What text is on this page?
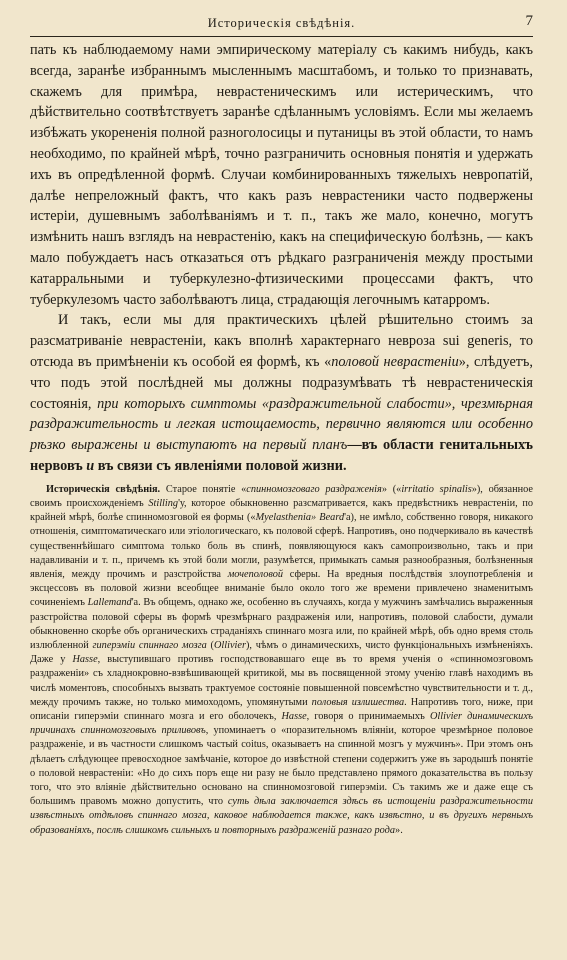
Историческія свѣдѣнія.	7

пать къ наблюдаемому нами эмпирическому матеріалу съ какимъ нибудь, какъ всегда, заранѣе избраннымъ мысленнымъ масштабомъ, и только то признавать, скажемъ для примѣра, неврастеническимъ или истерическимъ, что дѣйствительно соотвѣтствуетъ заранѣе сдѣланнымъ условіямъ. Если мы желаемъ избѣжать укорененія полной разноголосицы и путаницы въ этой области, то намъ необходимо, по крайней мѣрѣ, точно разграничить основныя понятія и удержать ихъ въ опредѣленной формѣ. Случаи комбинированныхъ тяжелыхъ невропатій, далѣе непреложный фактъ, что какъ разъ неврастеники часто подвержены истеріи, душевнымъ заболѣваніямъ и т. п., такъ же мало, конечно, могутъ измѣнить нашъ взглядъ на неврастенію, какъ на специфическую болѣзнь, — какъ мало побуждаетъ насъ отказаться отъ рѣдкаго разграниченія между простыми катарральными и туберкулезно-фтизическими процессами фактъ, что туберкулезомъ часто заболѣваютъ лица, страдающія легочнымъ катарромъ.

И такъ, если мы для практическихъ цѣлей рѣшительно стоимъ за разсматриваніе неврастеніи, какъ вполнѣ характернаго невроза sui generis, то отсюда въ примѣненіи къ особой ея формѣ, къ «половой неврастеніи», слѣдуетъ, что подъ этой послѣдней мы должны подразумѣвать тѣ неврастеническія состоянія, при которыхъ симптомы «раздражительной слабости», чрезмѣрная раздражительность и легкая истощаемость, первично являются или особенно рѣзко выражены и выступаютъ на первый планъ—въ области генитальныхъ нервовъ и въ связи съ явленіями половой жизни.

Историческія свѣдѣнія. Старое понятіе «спинномозговаго раздраженія» («irritatio spinalis»), обязанное своимъ происхожденіемъ Stilling'у, которое обыкновенно разсматривается, какъ предвѣстникъ неврастеніи, по крайней мѣрѣ, болѣе спинномозговой ея формы («Myelasthenia» Beard'а), не имѣло, собственно говоря, никакого отношенія, симптоматическаго или этіологическаго, къ половой сферѣ. Напротивъ, оно подчеркивало въ качествѣ существеннѣйшаго симптома только боль въ спинѣ, появляющуюся какъ самопроизвольно, такъ и при надавливаніи и т. п., причемъ къ этой боли могли, разумѣется, примыкать самыя разнообразныя, болѣзненныя явленія, между прочимъ и разстройства мочеполовой сферы. На вредныя послѣдствія злоупотребленія и эксцессовъ въ половой жизни всеобщее вниманіе было около того же времени привлечено знаменитымъ сочиненіемъ Lallemand'а. Въ общемъ, однако же, особенно въ случаяхъ, когда у мужчинъ замѣчались выраженныя разстройства половой сферы въ формѣ чрезмѣрнаго раздраженія или, напротивъ, половой слабости, думали обыкновенно скорѣе объ органическихъ страданіяхъ спиннаго мозга или, по крайней мѣрѣ, объ одно время столь излюбленной гиперэміи спиннаго мозга (Ollivier), чѣмъ о динамическихъ, чисто функціональныхъ измѣненіяхъ. Даже у Hasse, выступившаго противъ господствовавшаго еще въ то время ученія о «спинномозговомъ раздраженіи» съ хладнокровно-взвѣшивающей критикой, мы въ посвященной этому ученію главѣ находимъ въ числѣ моментовъ, способныхъ вызвать трактуемое состояніе повышенной повсемѣстно чувствительности и т. д., между прочимъ также, но только мимоходомъ, упомянутыми половыя излишества. Напротивъ того, ниже, при описаніи гиперэміи спиннаго мозга и его оболочекъ, Hasse, говоря о принимаемыхъ Ollivier динамическихъ причинахъ спинномозговыхъ приливовъ, упоминаетъ о «поразительномъ вліяніи, которое чрезмѣрное половое раздраженіе, и въ частности слишкомъ частый coitus, оказываетъ на спинной мозгъ у мужчинъ». При этомъ онъ дѣлаетъ слѣдующее превосходное замѣчаніе, которое до извѣстной степени содержитъ уже въ зародышѣ понятіе о половой неврастеніи: «Но до сихъ поръ еще ни разу не было представлено прямого доказательства въ пользу того, что это вліяніе дѣйствительно основано на спинномозговой гиперэміи. Съ такимъ же и даже еще съ большимъ правомъ можно допустить, что суть дѣла заключается здѣсь въ истощеніи раздражительности извѣстныхъ отдѣловъ спиннаго мозга, каковое наблюдается также, какъ извѣстно, и въ другихъ нервныхъ образованіяхъ, послѣ слишкомъ сильныхъ и повторныхъ раздраженій разнаго рода».
